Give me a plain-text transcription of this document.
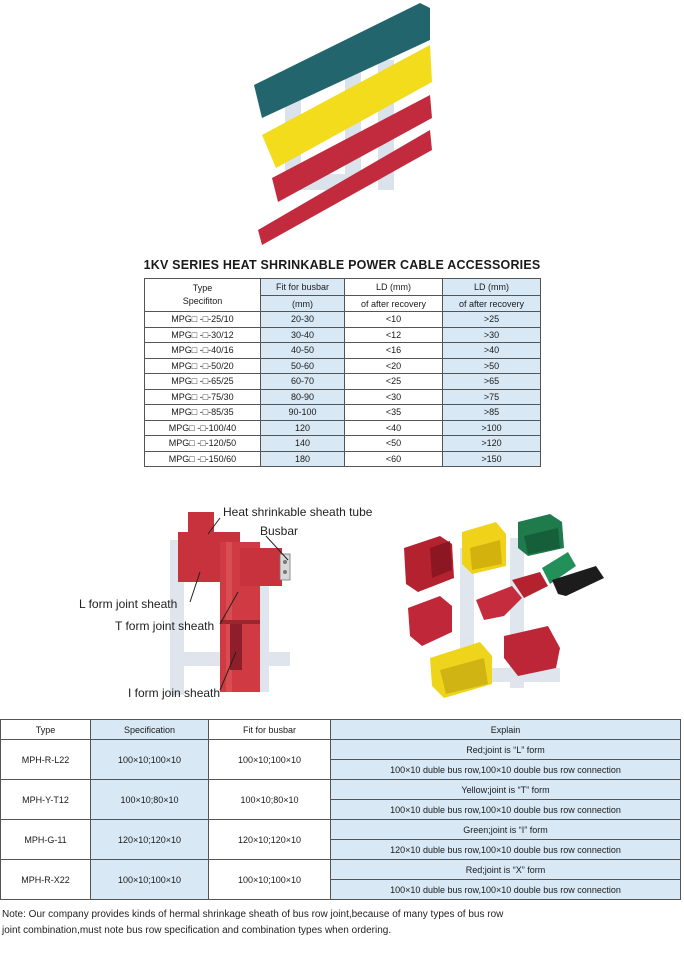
1KV SERIES HEAT SHRINKABLE POWER CABLE ACCESSORIES
Type
Specifiton	Fit for busbar	LD (mm)	LD (mm)
	(mm)	of after recovery	of after recovery
MPG□ -□-25/10	20-30	<10	>25
MPG□ -□-30/12	30-40	<12	>30
MPG□ -□-40/16	40-50	<16	>40
MPG□ -□-50/20	50-60	<20	>50
MPG□ -□-65/25	60-70	<25	>65
MPG□ -□-75/30	80-90	<30	>75
MPG□ -□-85/35	90-100	<35	>85
MPG□ -□-100/40	120	<40	>100
MPG□ -□-120/50	140	<50	>120
MPG□ -□-150/60	180	<60	>150
Heat shrinkable sheath tube
Busbar
L form joint sheath
T form joint sheath
I form join sheath
Type	Specification	Fit for busbar	Explain
MPH-R-L22	100×10;100×10	100×10;100×10	Red;joint is “L” form
			100×10 duble bus row,100×10 double bus row connection
MPH-Y-T12	100×10;80×10	100×10;80×10	Yellow;joint is “T” form
			100×10 duble bus row,100×10 double bus row connection
MPH-G-11	120×10;120×10	120×10;120×10	Green;joint is “I” form
			120×10 duble bus row,100×10 double bus row connection
MPH-R-X22	100×10;100×10	100×10;100×10	Red;joint is “X” form
			100×10 duble bus row,100×10 double bus row connection
Note: Our company provides kinds of hermal shrinkage sheath of bus row joint,because of many types of bus row
joint combination,must note bus row specification and combination types when ordering.
